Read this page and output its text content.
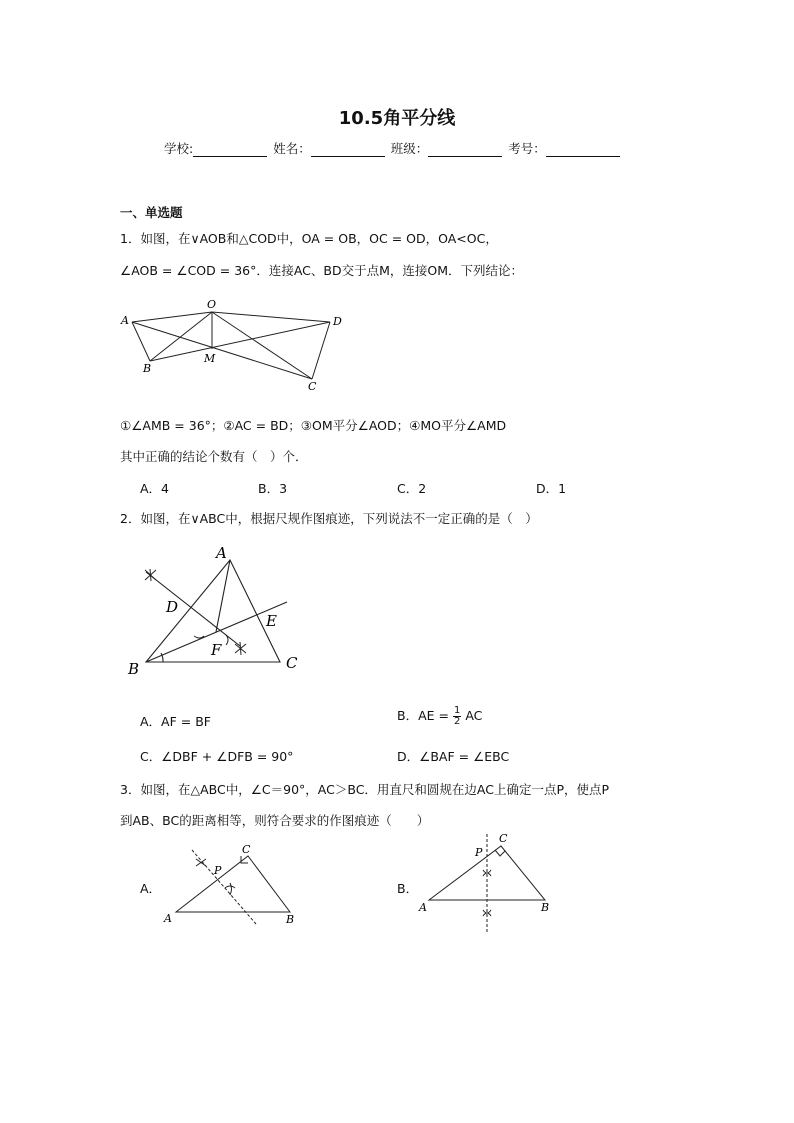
10.5角平分线
学校:	姓名：	班级：	考号：
一、单选题
1．如图，在∨AOB和△COD中，OA = OB，OC = OD，OA<OC，
∠AOB = ∠COD = 36°．连接AC、BD交于点M，连接OM．下列结论：
A
O
D
B
M
C
①∠AMB = 36°；②AC = BD；③OM平分∠AOD；④MO平分∠AMD
其中正确的结论个数有（　）个．
A．4	B．3	C．2	D．1
2．如图，在∨ABC中，根据尺规作图痕迹，下列说法不一定正确的是（　）
A
D
E
F
B	C
A．AF = BF	B．AE = $\frac{1}{2}$ AC
C．∠DBF + ∠DFB = 90°	D．∠BAF = ∠EBC
3．如图，在△ABC中，∠C＝90°，AC＞BC．用直尺和圆规在边AC上确定一点P，使点P
到AB、BC的距离相等，则符合要求的作图痕迹（　　）
A．
C
P
A	B
B．
C
P
A	B
